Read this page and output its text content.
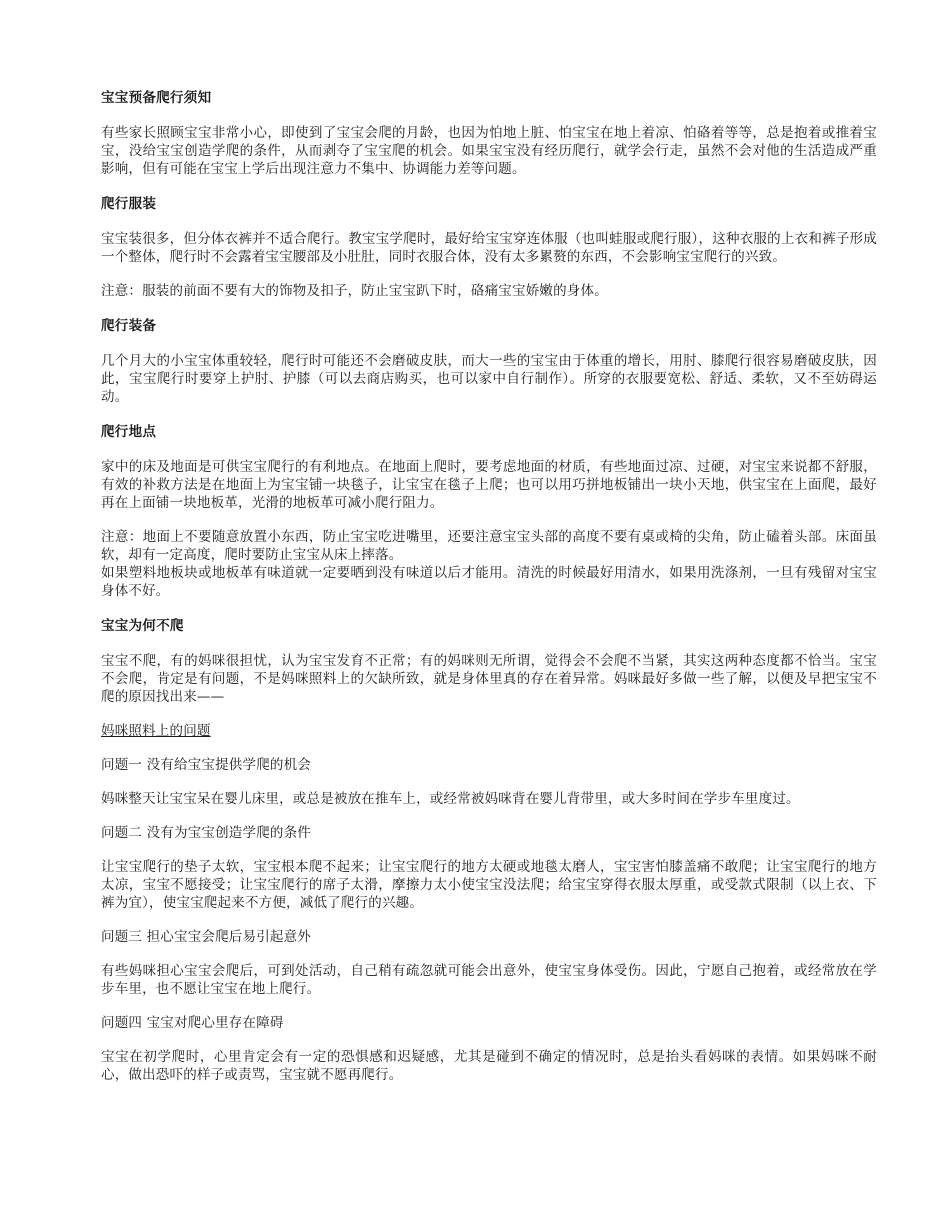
宝宝预备爬行须知
有些家长照顾宝宝非常小心，即使到了宝宝会爬的月龄，也因为怕地上脏、怕宝宝在地上着凉、怕硌着等等，总是抱着或推着宝宝，没给宝宝创造学爬的条件，从而剥夺了宝宝爬的机会。如果宝宝没有经历爬行，就学会行走，虽然不会对他的生活造成严重影响，但有可能在宝宝上学后出现注意力不集中、协调能力差等问题。
爬行服装
宝宝装很多，但分体衣裤并不适合爬行。教宝宝学爬时，最好给宝宝穿连体服（也叫蛙服或爬行服），这种衣服的上衣和裤子形成一个整体，爬行时不会露着宝宝腰部及小肚肚，同时衣服合体，没有太多累赘的东西，不会影响宝宝爬行的兴致。
注意：服装的前面不要有大的饰物及扣子，防止宝宝趴下时，硌痛宝宝娇嫩的身体。
爬行装备
几个月大的小宝宝体重较轻，爬行时可能还不会磨破皮肤，而大一些的宝宝由于体重的增长，用肘、膝爬行很容易磨破皮肤，因此，宝宝爬行时要穿上护肘、护膝（可以去商店购买，也可以家中自行制作）。所穿的衣服要宽松、舒适、柔软，又不至妨碍运动。
爬行地点
家中的床及地面是可供宝宝爬行的有利地点。在地面上爬时，要考虑地面的材质，有些地面过凉、过硬，对宝宝来说都不舒服，有效的补救方法是在地面上为宝宝铺一块毯子，让宝宝在毯子上爬；也可以用巧拼地板铺出一块小天地，供宝宝在上面爬，最好再在上面铺一块地板革，光滑的地板革可减小爬行阻力。
注意：地面上不要随意放置小东西，防止宝宝吃进嘴里，还要注意宝宝头部的高度不要有桌或椅的尖角，防止磕着头部。床面虽软，却有一定高度，爬时要防止宝宝从床上摔落。
如果塑料地板块或地板革有味道就一定要晒到没有味道以后才能用。清洗的时候最好用清水，如果用洗涤剂，一旦有残留对宝宝身体不好。
宝宝为何不爬
宝宝不爬，有的妈咪很担忧，认为宝宝发育不正常；有的妈咪则无所谓，觉得会不会爬不当紧，其实这两种态度都不恰当。宝宝不会爬，肯定是有问题，不是妈咪照料上的欠缺所致，就是身体里真的存在着异常。妈咪最好多做一些了解，以便及早把宝宝不爬的原因找出来——
妈咪照料上的问题
问题一 没有给宝宝提供学爬的机会
妈咪整天让宝宝呆在婴儿床里，或总是被放在推车上，或经常被妈咪背在婴儿背带里，或大多时间在学步车里度过。
问题二 没有为宝宝创造学爬的条件
让宝宝爬行的垫子太软，宝宝根本爬不起来；让宝宝爬行的地方太硬或地毯太磨人，宝宝害怕膝盖痛不敢爬；让宝宝爬行的地方太凉，宝宝不愿接受；让宝宝爬行的席子太滑，摩擦力太小使宝宝没法爬；给宝宝穿得衣服太厚重，或受款式限制（以上衣、下裤为宜），使宝宝爬起来不方便，减低了爬行的兴趣。
问题三 担心宝宝会爬后易引起意外
有些妈咪担心宝宝会爬后，可到处活动，自己稍有疏忽就可能会出意外，使宝宝身体受伤。因此，宁愿自己抱着，或经常放在学步车里，也不愿让宝宝在地上爬行。
问题四 宝宝对爬心里存在障碍
宝宝在初学爬时，心里肯定会有一定的恐惧感和迟疑感，尤其是碰到不确定的情况时，总是抬头看妈咪的表情。如果妈咪不耐心，做出恐吓的样子或责骂，宝宝就不愿再爬行。
